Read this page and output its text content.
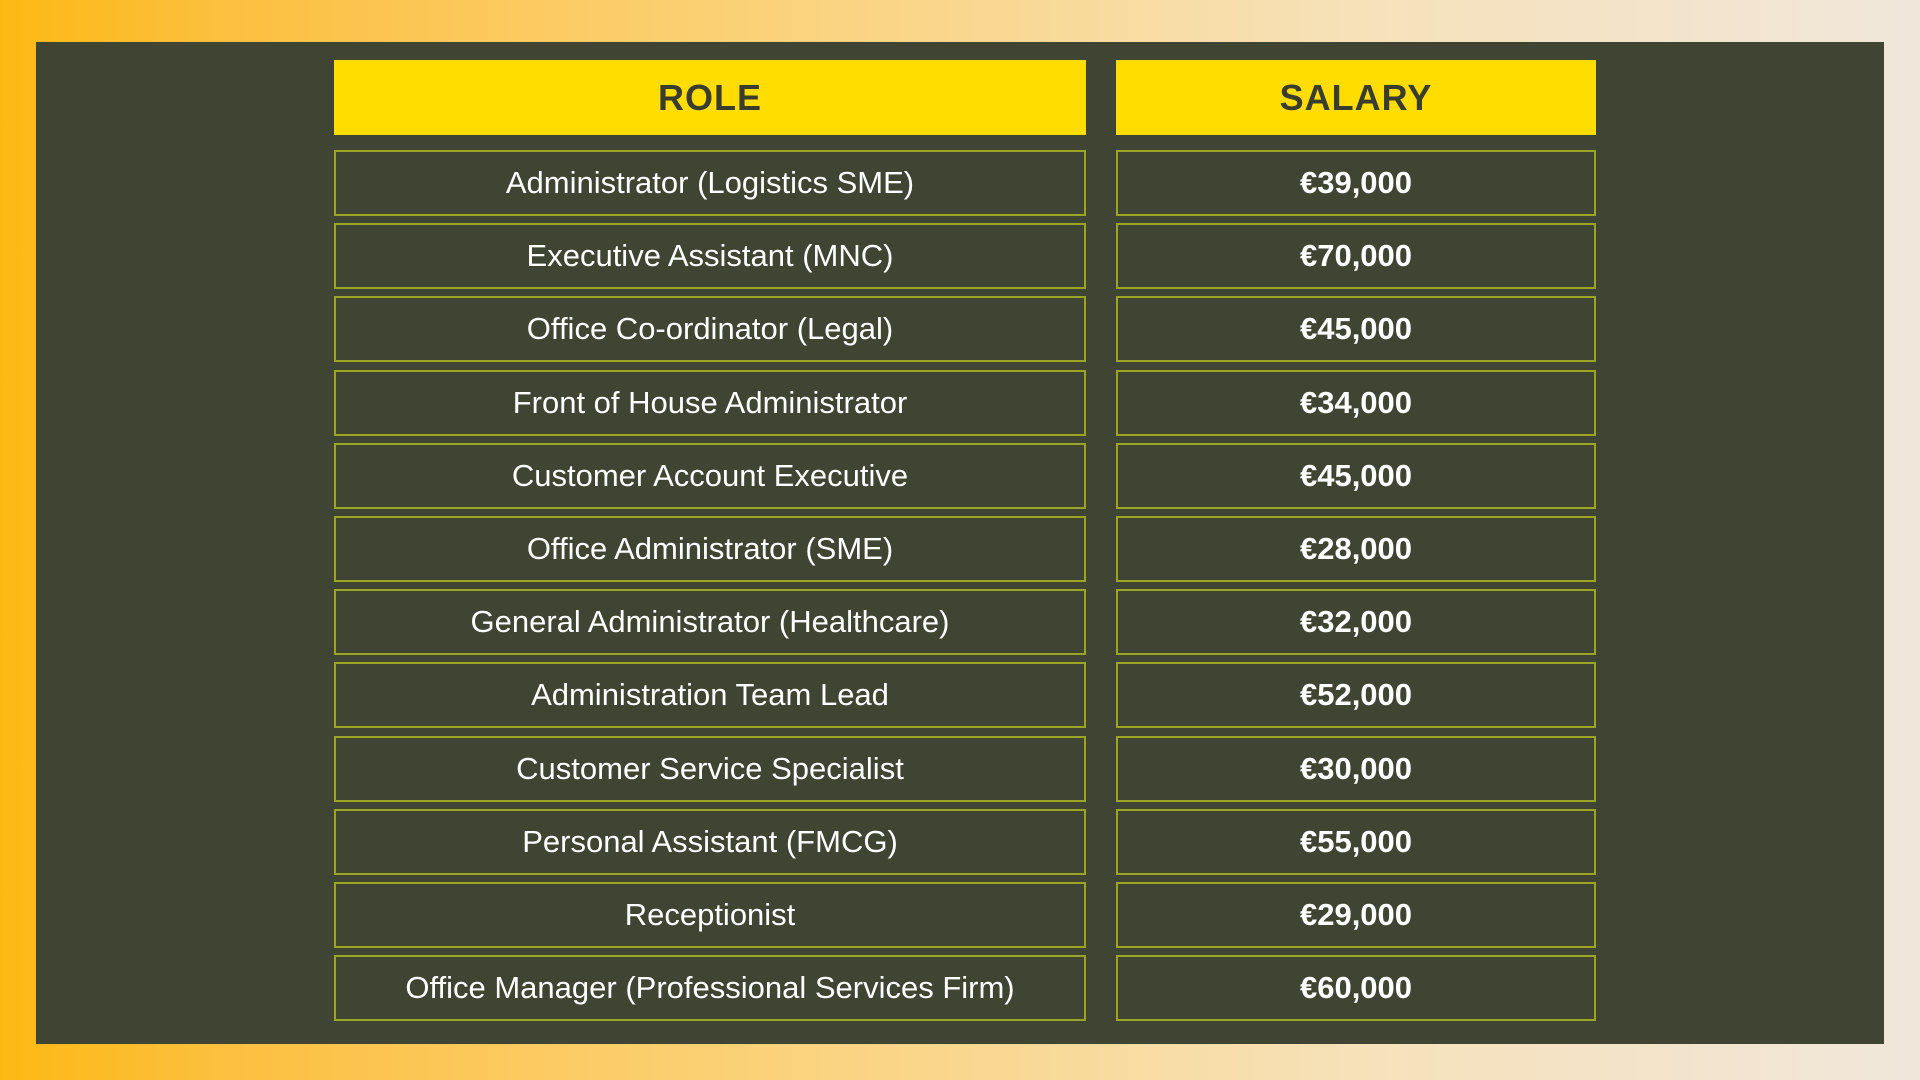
ROLE
Administrator (Logistics SME)
Executive Assistant (MNC)
Office Co-ordinator (Legal)
Front of House Administrator
Customer Account Executive
Office Administrator (SME)
General Administrator (Healthcare)
Administration Team Lead
Customer Service Specialist
Personal Assistant (FMCG)
Receptionist
Office Manager (Professional Services Firm)
SALARY
€39,000
€70,000
€45,000
€34,000
€45,000
€28,000
€32,000
€52,000
€30,000
€55,000
€29,000
€60,000
